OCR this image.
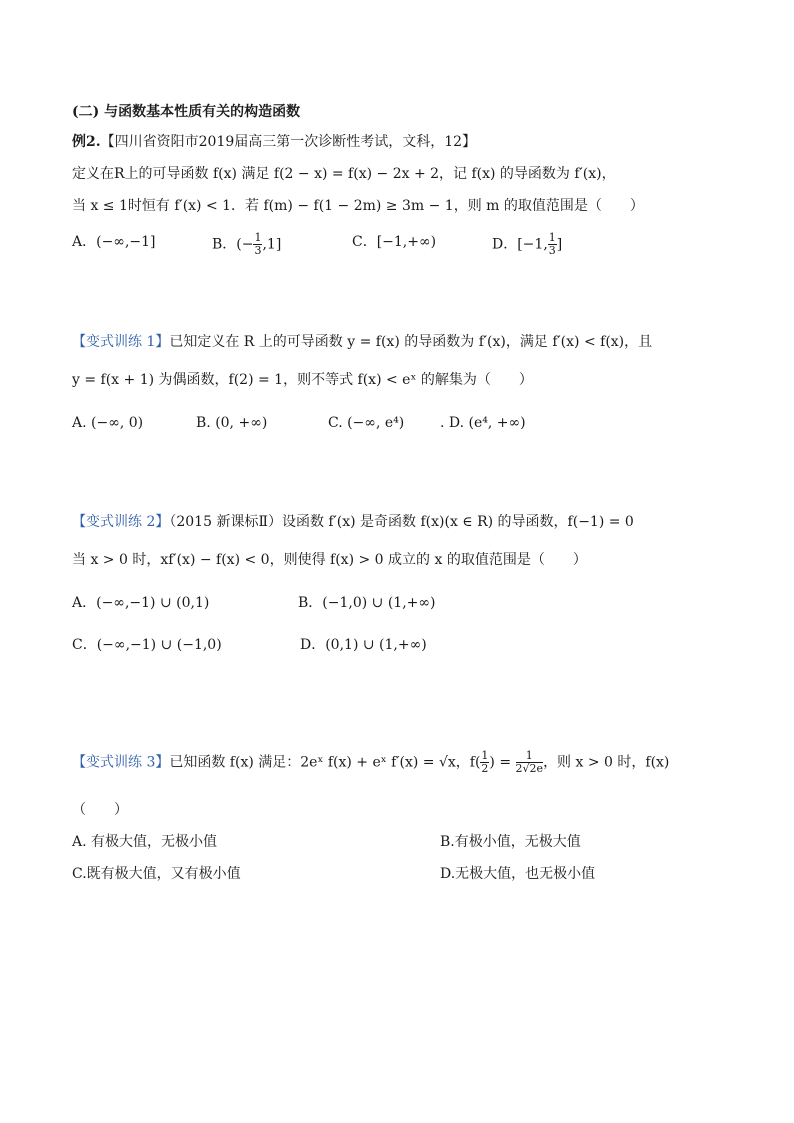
(二) 与函数基本性质有关的构造函数
例2.【四川省资阳市2019届高三第一次诊断性考试，文科，12】
定义在R上的可导函数 f(x) 满足 f(2 − x) = f(x) − 2x + 2，记 f(x) 的导函数为 f′(x)，
当 x ≤ 1时恒有 f′(x) < 1．若 f(m) − f(1 − 2m) ≥ 3m − 1，则 m 的取值范围是（　　）
A．(−∞,−1]	B．(− $\frac{1}{3} ,1$]	C．[−1,+∞)	D．[−1, $\frac{1}{3}$ ]
【变式训练 1】已知定义在 R 上的可导函数 y = f(x) 的导函数为 f′(x)，满足 f′(x) < f(x)，且
y = f(x + 1) 为偶函数，f(2) = 1，则不等式 f(x) < eˣ 的解集为（　　）
A. (−∞, 0)	B. (0, +∞)	C. (−∞, e⁴)	. D. (e⁴, +∞)
【变式训练 2】（2015 新课标Ⅱ）设函数 f′(x) 是奇函数 f(x)(x ∈ R) 的导函数，f(−1) = 0
当 x > 0 时，xf′(x) − f(x) < 0，则使得 f(x) > 0 成立的 x 的取值范围是（　　）
A．(−∞,−1) ∪ (0,1)	B．(−1,0) ∪ (1,+∞)
C．(−∞,−1) ∪ (−1,0)	D．(0,1) ∪ (1,+∞)
【变式训练 3】已知函数 f(x) 满足：2eˣ f(x) + eˣ f′(x) = √x，$f( \frac{1}{2}$ ) = $\frac{1}{2√2e}$ ，则 x > 0 时，f(x)
（　　）
A. 有极大值，无极小值	B.有极小值，无极大值
C.既有极大值，又有极小值	D.无极大值，也无极小值
